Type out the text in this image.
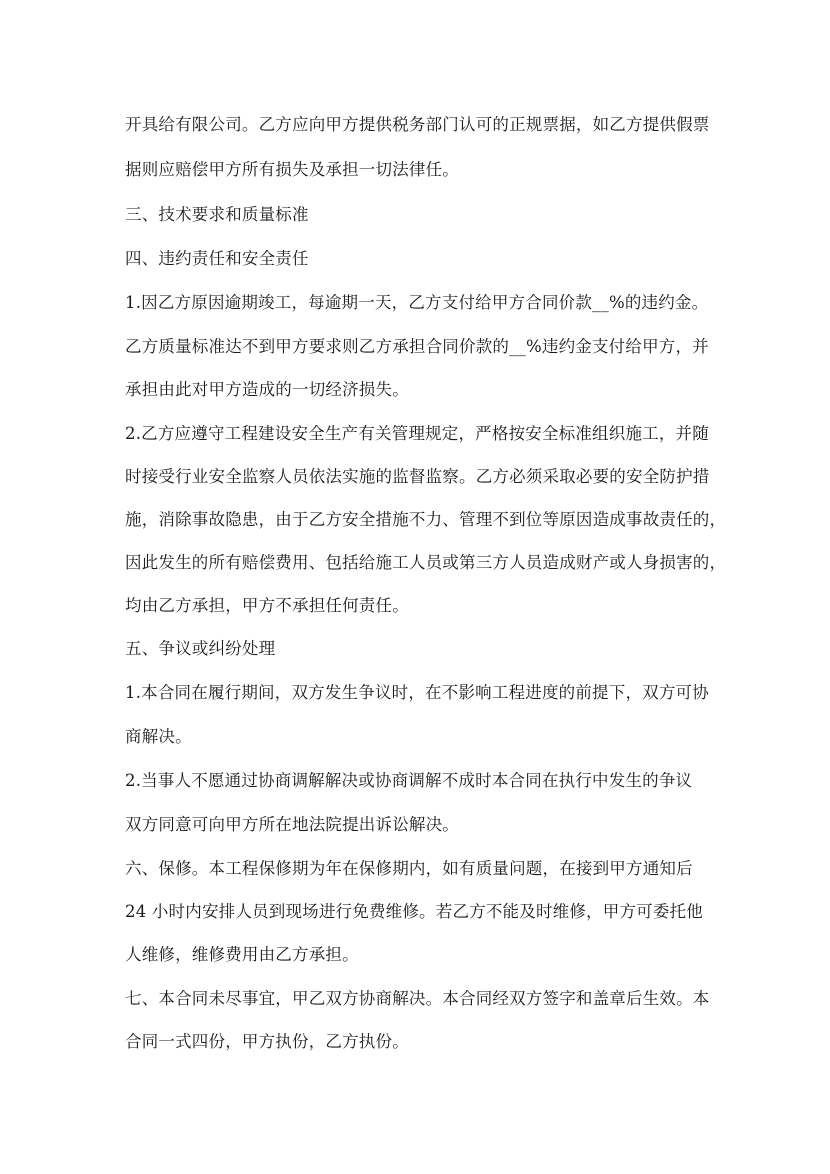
开具给有限公司。乙方应向甲方提供税务部门认可的正规票据，如乙方提供假票

据则应赔偿甲方所有损失及承担一切法律任。

三、技术要求和质量标准
四、违约责任和安全责任

1.因乙方原因逾期竣工，每逾期一天，乙方支付给甲方合同价款__%的违约金。

乙方质量标准达不到甲方要求则乙方承担合同价款的__%违约金支付给甲方，并

承担由此对甲方造成的一切经济损失。

2.乙方应遵守工程建设安全生产有关管理规定，严格按安全标准组织施工，并随

时接受行业安全监察人员依法实施的监督监察。乙方必须采取必要的安全防护措

施，消除事故隐患，由于乙方安全措施不力、管理不到位等原因造成事故责任的，

因此发生的所有赔偿费用、包括给施工人员或第三方人员造成财产或人身损害的，

均由乙方承担，甲方不承担任何责任。

五、争议或纠纷处理

1.本合同在履行期间，双方发生争议时，在不影响工程进度的前提下，双方可协

商解决。

2.当事人不愿通过协商调解解决或协商调解不成时本合同在执行中发生的争议

双方同意可向甲方所在地法院提出诉讼解决。

六、保修。本工程保修期为年在保修期内，如有质量问题，在接到甲方通知后

24 小时内安排人员到现场进行免费维修。若乙方不能及时维修，甲方可委托他

人维修，维修费用由乙方承担。

七、本合同未尽事宜，甲乙双方协商解决。本合同经双方签字和盖章后生效。本

合同一式四份，甲方执份，乙方执份。
